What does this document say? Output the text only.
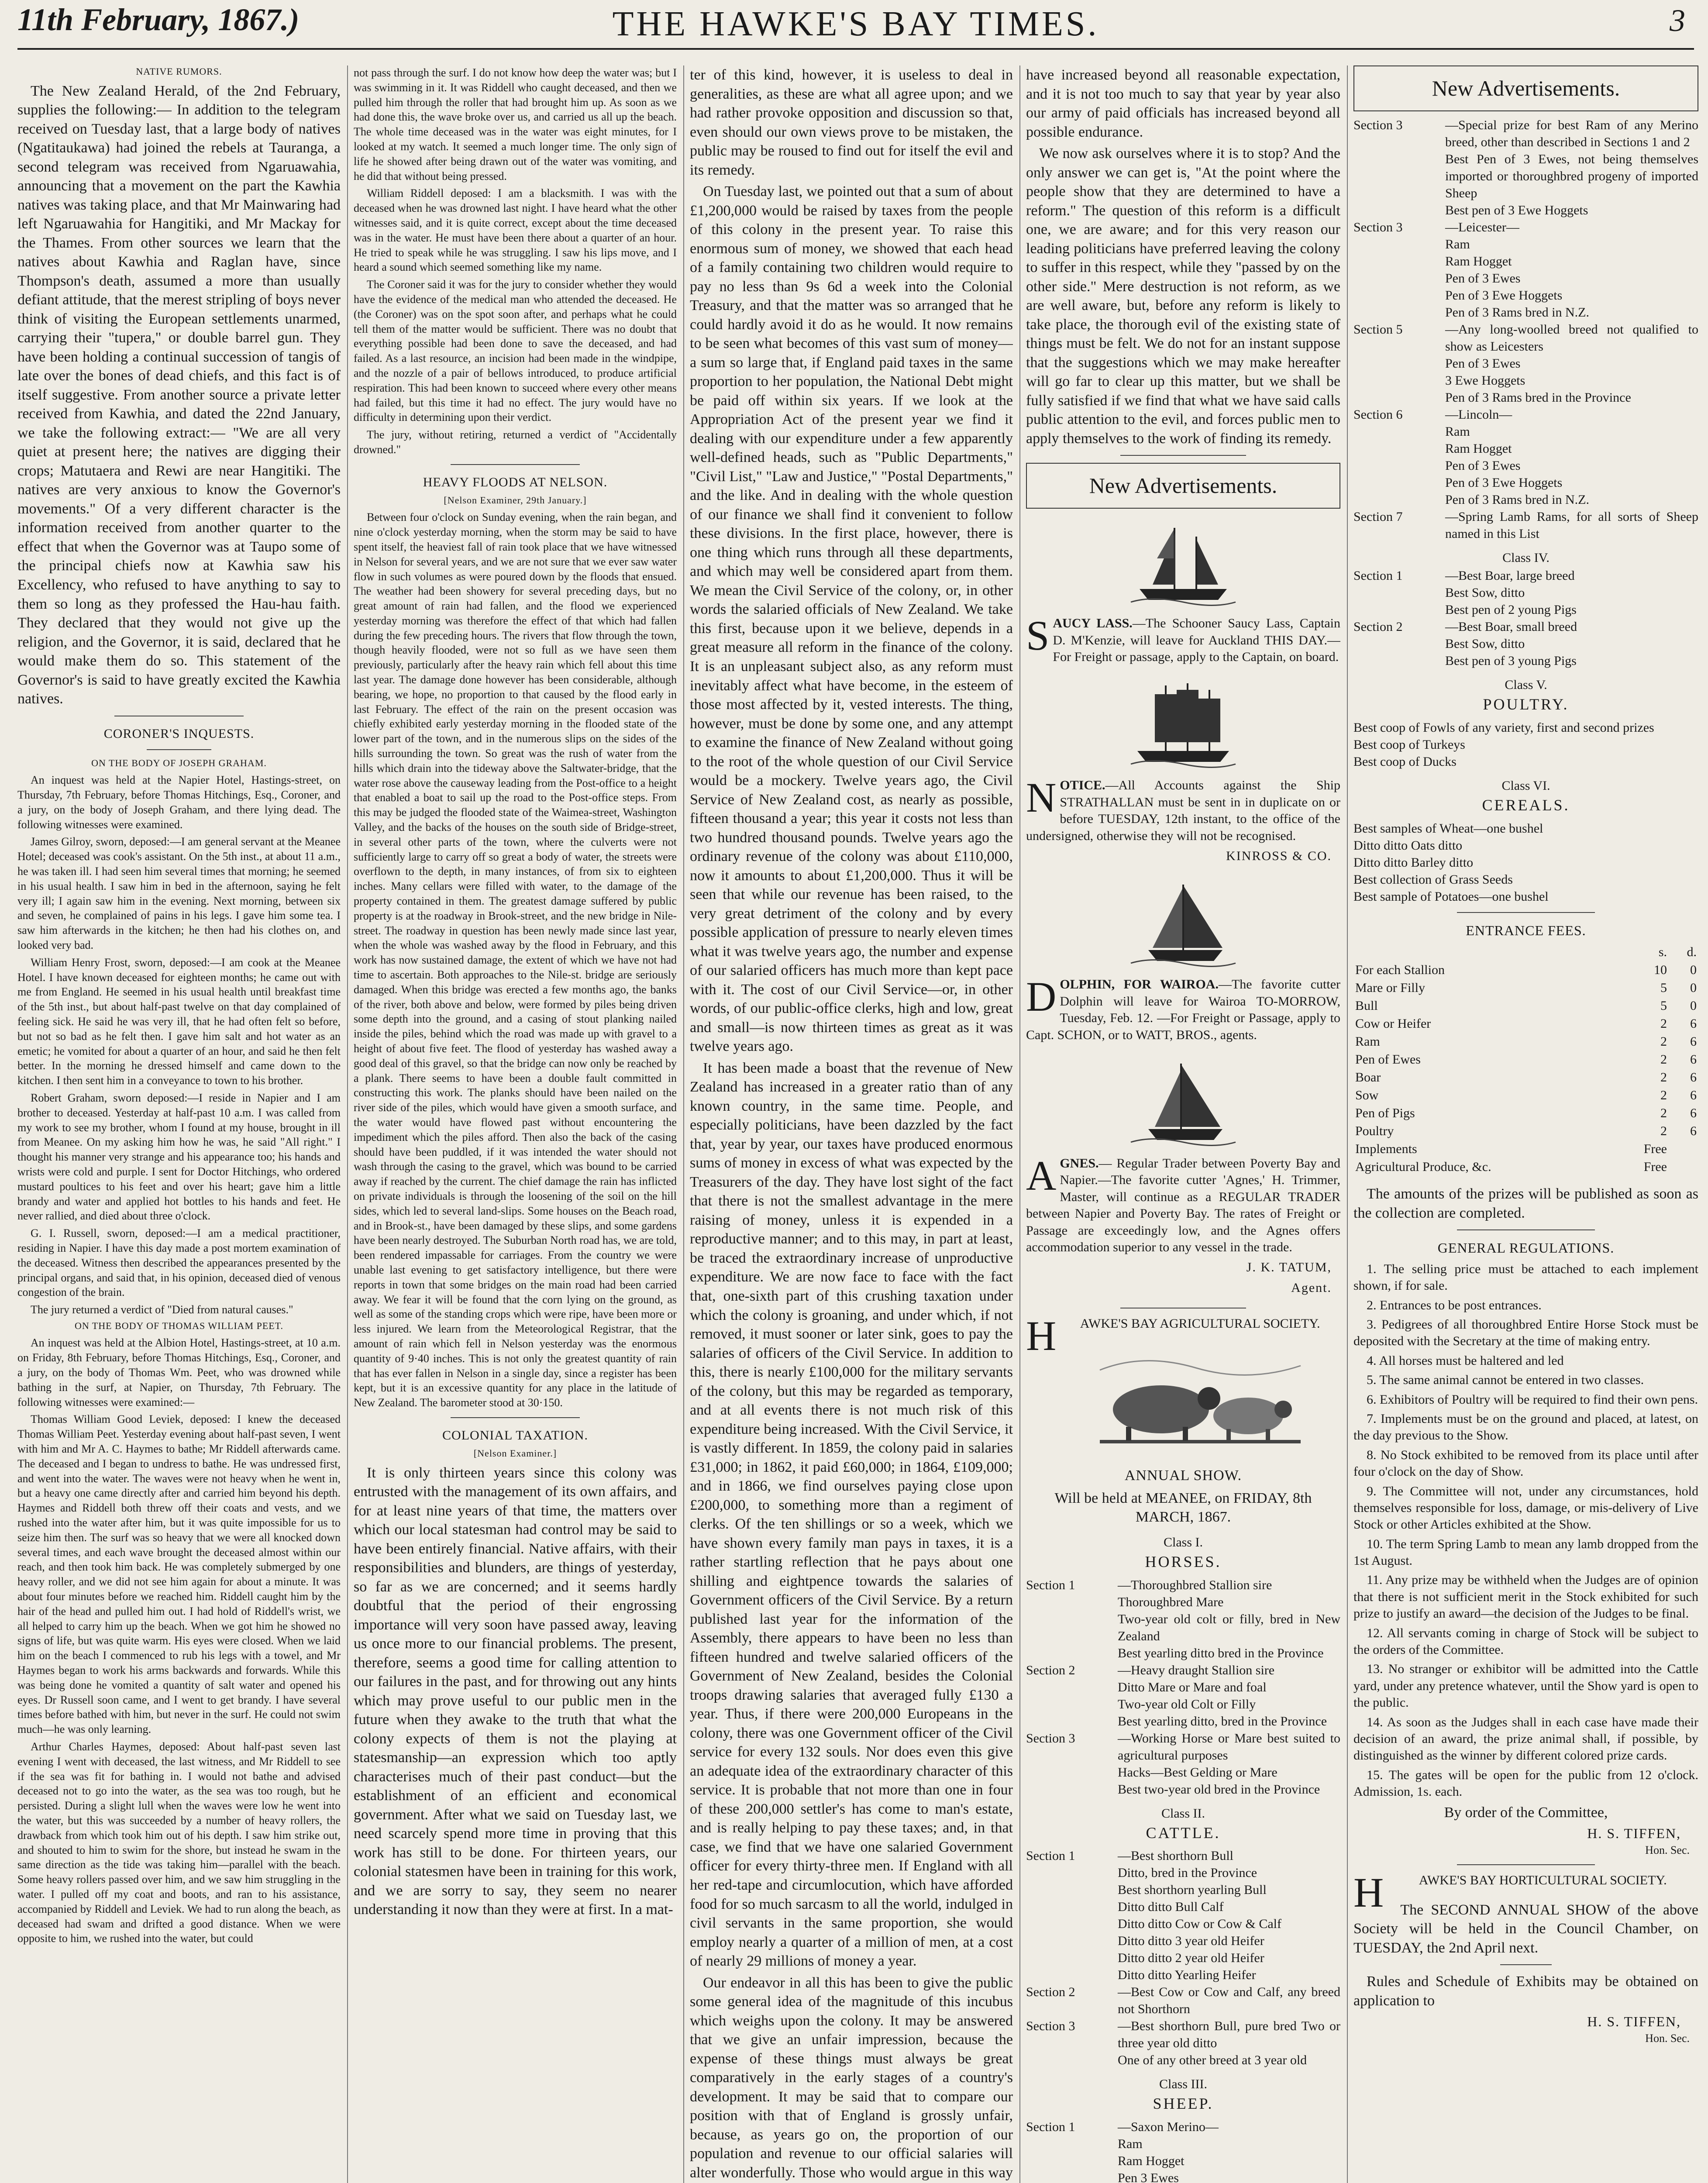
11th February, 1867.)	THE HAWKE'S BAY TIMES.	3
NATIVE RUMORS.

The New Zealand Herald, of the 2nd February, supplies the following:— In addition to the telegram received on Tuesday last, that a large body of natives (Ngatitaukawa) had joined the rebels at Tauranga, a second telegram was received from Ngaruawahia, announcing that a movement on the part the Kawhia natives was taking place, and that Mr Mainwaring had left Ngaruawahia for Hangitiki, and Mr Mackay for the Thames. From other sources we learn that the natives about Kawhia and Raglan have, since Thompson's death, assumed a more than usually defiant attitude, that the merest stripling of boys never think of visiting the European settlements unarmed, carrying their "tupera," or double barrel gun. They have been holding a continual succession of tangis of late over the bones of dead chiefs, and this fact is of itself suggestive. From another source a private letter received from Kawhia, and dated the 22nd January, we take the following extract:— "We are all very quiet at present here; the natives are digging their crops; Matutaera and Rewi are near Hangitiki. The natives are very anxious to know the Governor's movements." Of a very different character is the information received from another quarter to the effect that when the Governor was at Taupo some of the principal chiefs now at Kawhia saw his Excellency, who refused to have anything to say to them so long as they professed the Hau-hau faith. They declared that they would not give up the religion, and the Governor, it is said, declared that he would make them do so. This statement of the Governor's is said to have greatly excited the Kawhia natives.

CORONER'S INQUESTS.
ON THE BODY OF JOSEPH GRAHAM.

An inquest was held at the Napier Hotel, Hastings-street, on Thursday, 7th February, before Thomas Hitchings, Esq., Coroner, and a jury, on the body of Joseph Graham, and there lying dead. The following witnesses were examined.

James Gilroy, sworn, deposed:—I am general servant at the Meanee Hotel; deceased was cook's assistant. On the 5th inst., at about 11 a.m., he was taken ill. I had seen him several times that morning; he seemed in his usual health. I saw him in bed in the afternoon, saying he felt very ill; I again saw him in the evening. Next morning, between six and seven, he complained of pains in his legs. I gave him some tea. I saw him afterwards in the kitchen; he then had his clothes on, and looked very bad.

William Henry Frost, sworn, deposed:—I am cook at the Meanee Hotel. I have known deceased for eighteen months; he came out with me from England. He seemed in his usual health until breakfast time of the 5th inst., but about half-past twelve on that day complained of feeling sick. He said he was very ill, that he had often felt so before, but not so bad as he felt then. I gave him salt and hot water as an emetic; he vomited for about a quarter of an hour, and said he then felt better. In the morning he dressed himself and came down to the kitchen. I then sent him in a conveyance to town to his brother.

Robert Graham, sworn deposed:—I reside in Napier and I am brother to deceased. Yesterday at half-past 10 a.m. I was called from my work to see my brother, whom I found at my house, brought in ill from Meanee. On my asking him how he was, he said "All right." I thought his manner very strange and his appearance too; his hands and wrists were cold and purple. I sent for Doctor Hitchings, who ordered mustard poultices to his feet and over his heart; gave him a little brandy and water and applied hot bottles to his hands and feet. He never rallied, and died about three o'clock.

G. I. Russell, sworn, deposed:—I am a medical practitioner, residing in Napier. I have this day made a post mortem examination of the deceased. Witness then described the appearances presented by the principal organs, and said that, in his opinion, deceased died of venous congestion of the brain.

The jury returned a verdict of "Died from natural causes."

ON THE BODY OF THOMAS WILLIAM PEET.

An inquest was held at the Albion Hotel, Hastings-street, at 10 a.m. on Friday, 8th February, before Thomas Hitchings, Esq., Coroner, and a jury, on the body of Thomas Wm. Peet, who was drowned while bathing in the surf, at Napier, on Thursday, 7th February. The following witnesses were examined:—

Thomas William Good Leviek, deposed: I knew the deceased Thomas William Peet. Yesterday evening about half-past seven, I went with him and Mr A. C. Haymes to bathe; Mr Riddell afterwards came. The deceased and I began to undress to bathe. He was undressed first, and went into the water. The waves were not heavy when he went in, but a heavy one came directly after and carried him beyond his depth. Haymes and Riddell both threw off their coats and vests, and we rushed into the water after him, but it was quite impossible for us to seize him then. The surf was so heavy that we were all knocked down several times, and each wave brought the deceased almost within our reach, and then took him back. He was completely submerged by one heavy roller, and we did not see him again for about a minute. It was about four minutes before we reached him. Riddell caught him by the hair of the head and pulled him out. I had hold of Riddell's wrist, we all helped to carry him up the beach. When we got him he showed no signs of life, but was quite warm. His eyes were closed. When we laid him on the beach I commenced to rub his legs with a towel, and Mr Haymes began to work his arms backwards and forwards. While this was being done he vomited a quantity of salt water and opened his eyes. Dr Russell soon came, and I went to get brandy. I have several times before bathed with him, but never in the surf. He could not swim much—he was only learning.

Arthur Charles Haymes, deposed: About half-past seven last evening I went with deceased, the last witness, and Mr Riddell to see if the sea was fit for bathing in. I would not bathe and advised deceased not to go into the water, as the sea was too rough, but he persisted. During a slight lull when the waves were low he went into the water, but this was succeeded by a number of heavy rollers, the drawback from which took him out of his depth. I saw him strike out, and shouted to him to swim for the shore, but instead he swam in the same direction as the tide was taking him—parallel with the beach. Some heavy rollers passed over him, and we saw him struggling in the water. I pulled off my coat and boots, and ran to his assistance, accompanied by Riddell and Leviek. We had to run along the beach, as deceased had swam and drifted a good distance. When we were opposite to him, we rushed into the water, but could

not pass through the surf. I do not know how deep the water was; but I was swimming in it. It was Riddell who caught deceased, and then we pulled him through the roller that had brought him up. As soon as we had done this, the wave broke over us, and carried us all up the beach. The whole time deceased was in the water was eight minutes, for I looked at my watch. It seemed a much longer time. The only sign of life he showed after being drawn out of the water was vomiting, and he did that without being pressed.

William Riddell deposed: I am a blacksmith. I was with the deceased when he was drowned last night. I have heard what the other witnesses said, and it is quite correct, except about the time deceased was in the water. He must have been there about a quarter of an hour. He tried to speak while he was struggling. I saw his lips move, and I heard a sound which seemed something like my name.

The Coroner said it was for the jury to consider whether they would have the evidence of the medical man who attended the deceased. He (the Coroner) was on the spot soon after, and perhaps what he could tell them of the matter would be sufficient. There was no doubt that everything possible had been done to save the deceased, and had failed. As a last resource, an incision had been made in the windpipe, and the nozzle of a pair of bellows introduced, to produce artificial respiration. This had been known to succeed where every other means had failed, but this time it had no effect. The jury would have no difficulty in determining upon their verdict.

The jury, without retiring, returned a verdict of "Accidentally drowned."

HEAVY FLOODS AT NELSON.
[Nelson Examiner, 29th January.]

Between four o'clock on Sunday evening, when the rain began, and nine o'clock yesterday morning, when the storm may be said to have spent itself, the heaviest fall of rain took place that we have witnessed in Nelson for several years, and we are not sure that we ever saw water flow in such volumes as were poured down by the floods that ensued. The weather had been showery for several preceding days, but no great amount of rain had fallen, and the flood we experienced yesterday morning was therefore the effect of that which had fallen during the few preceding hours. The rivers that flow through the town, though heavily flooded, were not so full as we have seen them previously, particularly after the heavy rain which fell about this time last year. The damage done however has been considerable, although bearing, we hope, no proportion to that caused by the flood early in last February. The effect of the rain on the present occasion was chiefly exhibited early yesterday morning in the flooded state of the lower part of the town, and in the numerous slips on the sides of the hills surrounding the town. So great was the rush of water from the hills which drain into the tideway above the Saltwater-bridge, that the water rose above the causeway leading from the Post-office to a height that enabled a boat to sail up the road to the Post-office steps. From this may be judged the flooded state of the Waimea-street, Washington Valley, and the backs of the houses on the south side of Bridge-street, in several other parts of the town, where the culverts were not sufficiently large to carry off so great a body of water, the streets were overflown to the depth, in many instances, of from six to eighteen inches. Many cellars were filled with water, to the damage of the property contained in them. The greatest damage suffered by public property is at the roadway in Brook-street, and the new bridge in Nile-street. The roadway in question has been newly made since last year, when the whole was washed away by the flood in February, and this work has now sustained damage, the extent of which we have not had time to ascertain. Both approaches to the Nile-st. bridge are seriously damaged. When this bridge was erected a few months ago, the banks of the river, both above and below, were formed by piles being driven some depth into the ground, and a casing of stout planking nailed inside the piles, behind which the road was made up with gravel to a height of about five feet. The flood of yesterday has washed away a good deal of this gravel, so that the bridge can now only be reached by a plank. There seems to have been a double fault committed in constructing this work. The planks should have been nailed on the river side of the piles, which would have given a smooth surface, and the water would have flowed past without encountering the impediment which the piles afford. Then also the back of the casing should have been puddled, if it was intended the water should not wash through the casing to the gravel, which was bound to be carried away if reached by the current. The chief damage the rain has inflicted on private individuals is through the loosening of the soil on the hill sides, which led to several land-slips. Some houses on the Beach road, and in Brook-st., have been damaged by these slips, and some gardens have been nearly destroyed. The Suburban North road has, we are told, been rendered impassable for carriages. From the country we were unable last evening to get satisfactory intelligence, but there were reports in town that some bridges on the main road had been carried away. We fear it will be found that the corn lying on the ground, as well as some of the standing crops which were ripe, have been more or less injured. We learn from the Meteorological Registrar, that the amount of rain which fell in Nelson yesterday was the enormous quantity of 9·40 inches. This is not only the greatest quantity of rain that has ever fallen in Nelson in a single day, since a register has been kept, but it is an excessive quantity for any place in the latitude of New Zealand. The barometer stood at 30·150.

COLONIAL TAXATION.
[Nelson Examiner.]

It is only thirteen years since this colony was entrusted with the management of its own affairs, and for at least nine years of that time, the matters over which our local statesman had control may be said to have been entirely financial. Native affairs, with their responsibilities and blunders, are things of yesterday, so far as we are concerned; and it seems hardly doubtful that the period of their engrossing importance will very soon have passed away, leaving us once more to our financial problems. The present, therefore, seems a good time for calling attention to our failures in the past, and for throwing out any hints which may prove useful to our public men in the future when they awake to the truth that what the colony expects of them is not the playing at statesmanship—an expression which too aptly characterises much of their past conduct—but the establishment of an efficient and economical government. After what we said on Tuesday last, we need scarcely spend more time in proving that this work has still to be done. For thirteen years, our colonial statesmen have been in training for this work, and we are sorry to say, they seem no nearer understanding it now than they were at first. In a mat-

ter of this kind, however, it is useless to deal in generalities, as these are what all agree upon; and we had rather provoke opposition and discussion so that, even should our own views prove to be mistaken, the public may be roused to find out for itself the evil and its remedy.

On Tuesday last, we pointed out that a sum of about £1,200,000 would be raised by taxes from the people of this colony in the present year. To raise this enormous sum of money, we showed that each head of a family containing two children would require to pay no less than 9s 6d a week into the Colonial Treasury, and that the matter was so arranged that he could hardly avoid it do as he would. It now remains to be seen what becomes of this vast sum of money—a sum so large that, if England paid taxes in the same proportion to her population, the National Debt might be paid off within six years. If we look at the Appropriation Act of the present year we find it dealing with our expenditure under a few apparently well-defined heads, such as "Public Departments," "Civil List," "Law and Justice," "Postal Departments," and the like. And in dealing with the whole question of our finance we shall find it convenient to follow these divisions. In the first place, however, there is one thing which runs through all these departments, and which may well be considered apart from them. We mean the Civil Service of the colony, or, in other words the salaried officials of New Zealand. We take this first, because upon it we believe, depends in a great measure all reform in the finance of the colony. It is an unpleasant subject also, as any reform must inevitably affect what have become, in the esteem of those most affected by it, vested interests. The thing, however, must be done by some one, and any attempt to examine the finance of New Zealand without going to the root of the whole question of our Civil Service would be a mockery. Twelve years ago, the Civil Service of New Zealand cost, as nearly as possible, fifteen thousand a year; this year it costs not less than two hundred thousand pounds. Twelve years ago the ordinary revenue of the colony was about £110,000, now it amounts to about £1,200,000. Thus it will be seen that while our revenue has been raised, to the very great detriment of the colony and by every possible application of pressure to nearly eleven times what it was twelve years ago, the number and expense of our salaried officers has much more than kept pace with it. The cost of our Civil Service—or, in other words, of our public-office clerks, high and low, great and small—is now thirteen times as great as it was twelve years ago.

It has been made a boast that the revenue of New Zealand has increased in a greater ratio than of any known country, in the same time. People, and especially politicians, have been dazzled by the fact that, year by year, our taxes have produced enormous sums of money in excess of what was expected by the Treasurers of the day. They have lost sight of the fact that there is not the smallest advantage in the mere raising of money, unless it is expended in a reproductive manner; and to this may, in part at least, be traced the extraordinary increase of unproductive expenditure. We are now face to face with the fact that, one-sixth part of this crushing taxation under which the colony is groaning, and under which, if not removed, it must sooner or later sink, goes to pay the salaries of officers of the Civil Service. In addition to this, there is nearly £100,000 for the military servants of the colony, but this may be regarded as temporary, and at all events there is not much risk of this expenditure being increased. With the Civil Service, it is vastly different. In 1859, the colony paid in salaries £31,000; in 1862, it paid £60,000; in 1864, £109,000; and in 1866, we find ourselves paying close upon £200,000, to something more than a regiment of clerks. Of the ten shillings or so a week, which we have shown every family man pays in taxes, it is a rather startling reflection that he pays about one shilling and eightpence towards the salaries of Government officers of the Civil Service. By a return published last year for the information of the Assembly, there appears to have been no less than fifteen hundred and twelve salaried officers of the Government of New Zealand, besides the Colonial troops drawing salaries that averaged fully £130 a year. Thus, if there were 200,000 Europeans in the colony, there was one Government officer of the Civil service for every 132 souls. Nor does even this give an adequate idea of the extraordinary character of this service. It is probable that not more than one in four of these 200,000 settler's has come to man's estate, and is really helping to pay these taxes; and, in that case, we find that we have one salaried Government officer for every thirty-three men. If England with all her red-tape and circumlocution, which have afforded food for so much sarcasm to all the world, indulged in civil servants in the same proportion, she would employ nearly a quarter of a million of men, at a cost of nearly 29 millions of money a year.

Our endeavor in all this has been to give the public some general idea of the magnitude of this incubus which weighs upon the colony. It may be answered that we give an unfair impression, because the expense of these things must always be great comparatively in the early stages of a country's development. It may be said that to compare our position with that of England is grossly unfair, because, as years go on, the proportion of our population and revenue to our official salaries will alter wonderfully. Those who would argue in this way

have increased beyond all reasonable expectation, and it is not too much to say that year by year also our army of paid officials has increased beyond all possible endurance.

We now ask ourselves where it is to stop? And the only answer we can get is, "At the point where the people show that they are determined to have a reform." The question of this reform is a difficult one, we are aware; and for this very reason our leading politicians have preferred leaving the colony to suffer in this respect, while they "passed by on the other side." Mere destruction is not reform, as we are well aware, but, before any reform is likely to take place, the thorough evil of the existing state of things must be felt. We do not for an instant suppose that the suggestions which we may make hereafter will go far to clear up this matter, but we shall be fully satisfied if we find that what we have said calls public attention to the evil, and forces public men to apply themselves to the work of finding its remedy.

New Advertisements.
SAUCY LASS.—The Schooner Saucy Lass, Captain D. M'Kenzie, will leave for Auckland THIS DAY.—For Freight or passage, apply to the Captain, on board.
NOTICE.—All Accounts against the Ship STRATHALLAN must be sent in in duplicate on or before TUESDAY, 12th instant, to the office of the undersigned, otherwise they will not be recognised.
KINROSS & CO.
DOLPHIN, FOR WAIROA.—The favorite cutter Dolphin will leave for Wairoa TO-MORROW, Tuesday, Feb. 12. —For Freight or Passage, apply to Capt. SCHON, or to WATT, BROS., agents.
AGNES.— Regular Trader between Poverty Bay and Napier.—The favorite cutter 'Agnes,' H. Trimmer, Master, will continue as a REGULAR TRADER between Napier and Poverty Bay. The rates of Freight or Passage are exceedingly low, and the Agnes offers accommodation superior to any vessel in the trade.
J. K. TATUM,
Agent.
H AWKE'S BAY AGRICULTURAL SOCIETY.
ANNUAL SHOW.

Will be held at MEANEE, on FRIDAY, 8th MARCH, 1867.

Class I.
HORSES.
Section 1	—Thoroughbred Stallion sire
Thoroughbred Mare
Two-year old colt or filly, bred in New Zealand
Best yearling ditto bred in the Province
Section 2	—Heavy draught Stallion sire
Ditto Mare or Mare and foal
Two-year old Colt or Filly
Best yearling ditto, bred in the Province
Section 3	—Working Horse or Mare best suited to agricultural purposes
Hacks—Best Gelding or Mare
Best two-year old bred in the Province
Class II.
CATTLE.
Section 1	—Best shorthorn Bull
Ditto, bred in the Province
Best shorthorn yearling Bull
Ditto ditto Bull Calf
Ditto ditto Cow or Cow & Calf
Ditto ditto 3 year old Heifer
Ditto ditto 2 year old Heifer
Ditto ditto Yearling Heifer
Section 2	—Best Cow or Cow and Calf, any breed not Shorthorn
Section 3	—Best shorthorn Bull, pure bred Two or three year old ditto
One of any other breed at 3 year old
Class III.
SHEEP.
Section 1	—Saxon Merino—
Ram
Ram Hogget
Pen 3 Ewes
New Advertisements.
Section 3	—Special prize for best Ram of any Merino breed, other than described in Sections 1 and 2
Best Pen of 3 Ewes, not being themselves imported or thoroughbred progeny of imported Sheep
Best pen of 3 Ewe Hoggets
Section 3	—Leicester—
Ram
Ram Hogget
Pen of 3 Ewes
Pen of 3 Ewe Hoggets
Pen of 3 Rams bred in N.Z.
Section 5	—Any long-woolled breed not qualified to show as Leicesters
Pen of 3 Ewes
3 Ewe Hoggets
Pen of 3 Rams bred in the Province
Section 6	—Lincoln—
Ram
Ram Hogget
Pen of 3 Ewes
Pen of 3 Ewe Hoggets
Pen of 3 Rams bred in N.Z.
Section 7	—Spring Lamb Rams, for all sorts of Sheep named in this List
Class IV.
Section 1	—Best Boar, large breed
Best Sow, ditto
Best pen of 2 young Pigs
Section 2	—Best Boar, small breed
Best Sow, ditto
Best pen of 3 young Pigs
Class V.
POULTRY.
Best coop of Fowls of any variety, first and second prizes
Best coop of Turkeys
Best coop of Ducks
Class VI.
CEREALS.
Best samples of Wheat—one bushel
Ditto ditto Oats ditto
Ditto ditto Barley ditto
Best collection of Grass Seeds
Best sample of Potatoes—one bushel
ENTRANCE FEES.
	s.	d.
For each Stallion	10	0
Mare or Filly	5	0
Bull	5	0
Cow or Heifer	2	6
Ram	2	6
Pen of Ewes	2	6
Boar	2	6
Sow	2	6
Pen of Pigs	2	6
Poultry	2	6
Implements	Free	
Agricultural Produce, &c.	Free	

The amounts of the prizes will be published as soon as the collection are completed.

GENERAL REGULATIONS.

1. The selling price must be attached to each implement shown, if for sale.

2. Entrances to be post entrances.

3. Pedigrees of all thoroughbred Entire Horse Stock must be deposited with the Secretary at the time of making entry.

4. All horses must be haltered and led

5. The same animal cannot be entered in two classes.

6. Exhibitors of Poultry will be required to find their own pens.

7. Implements must be on the ground and placed, at latest, on the day previous to the Show.

8. No Stock exhibited to be removed from its place until after four o'clock on the day of Show.

9. The Committee will not, under any circumstances, hold themselves responsible for loss, damage, or mis-delivery of Live Stock or other Articles exhibited at the Show.

10. The term Spring Lamb to mean any lamb dropped from the 1st August.

11. Any prize may be withheld when the Judges are of opinion that there is not sufficient merit in the Stock exhibited for such prize to justify an award—the decision of the Judges to be final.

12. All servants coming in charge of Stock will be subject to the orders of the Committee.

13. No stranger or exhibitor will be admitted into the Cattle yard, under any pretence whatever, until the Show yard is open to the public.

14. As soon as the Judges shall in each case have made their decision of an award, the prize animal shall, if possible, by distinguished as the winner by different colored prize cards.

15. The gates will be open for the public from 12 o'clock. Admission, 1s. each.

By order of the Committee,

H. S. TIFFEN,
Hon. Sec.
H	AWKE'S BAY HORTICULTURAL SOCIETY.

The SECOND ANNUAL SHOW of the above Society will be held in the Council Chamber, on TUESDAY, the 2nd April next.

Rules and Schedule of Exhibits may be obtained on application to

H. S. TIFFEN,
Hon. Sec.
